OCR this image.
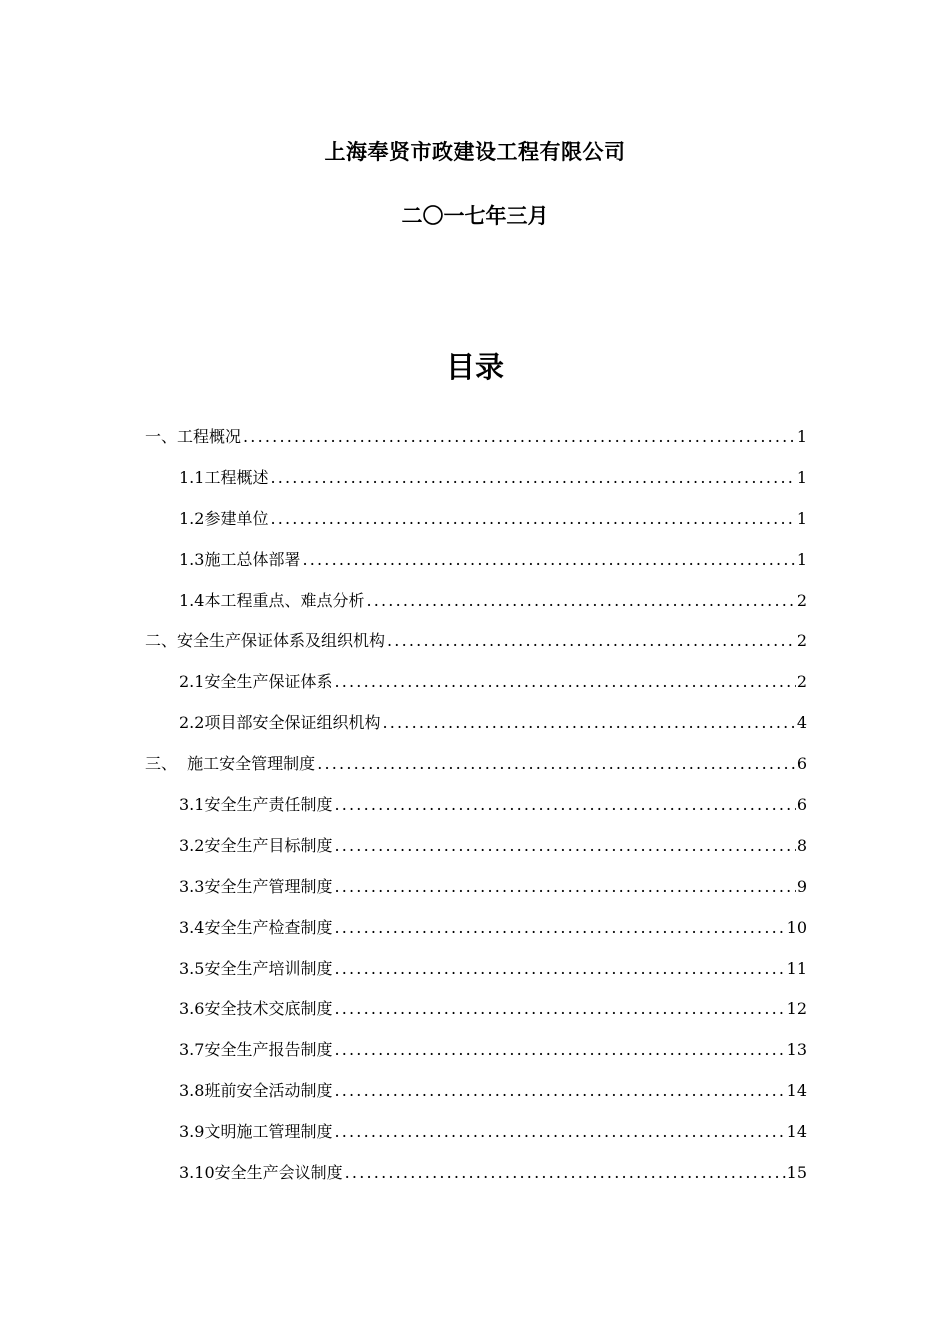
上海奉贤市政建设工程有限公司
二〇一七年三月
目录
一、工程概况 .....	1
1.1工程概述 .....	1
1.2参建单位 .....	1
1.3施工总体部署 .....	1
1.4本工程重点、难点分析 .....	2
二、安全生产保证体系及组织机构 .....	2
2.1安全生产保证体系 .....	2
2.2项目部安全保证组织机构 .....	4
三、  施工安全管理制度 .....	6
3.1安全生产责任制度 .....	6
3.2安全生产目标制度 .....	8
3.3安全生产管理制度 .....	9
3.4安全生产检查制度 .....	10
3.5安全生产培训制度 .....	11
3.6安全技术交底制度 .....	12
3.7安全生产报告制度 .....	13
3.8班前安全活动制度 .....	14
3.9文明施工管理制度 .....	14
3.10安全生产会议制度 .....	15
